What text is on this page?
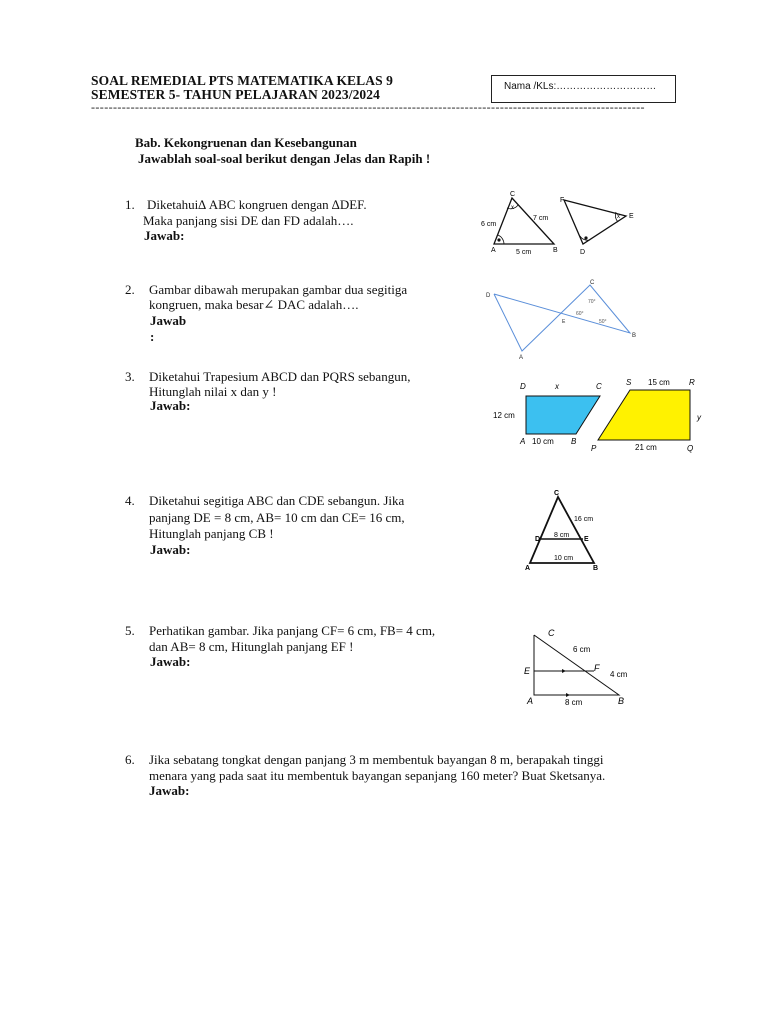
SOAL REMEDIAL PTS MATEMATIKA KELAS 9
SEMESTER 5- TAHUN PELAJARAN 2023/2024
Nama /KLs:…………………………
------------------------------------------------------------------------------------------------------------------------------
Bab. Kekongruenan dan Kesebangunan
Jawablah soal-soal berikut dengan Jelas dan Rapih !
1. Diketahui∆ ABC kongruen dengan ∆DEF.
Maka panjang sisi DE dan FD adalah….
Jawab:
2. Gambar dibawah merupakan gambar dua segitiga
kongruen, maka besar∠ DAC adalah….
Jawab :
3. Diketahui Trapesium ABCD dan PQRS sebangun,
Hitunglah nilai x dan y !
Jawab:
4. Diketahui segitiga ABC dan CDE sebangun. Jika
panjang DE = 8 cm, AB= 10 cm dan CE= 16 cm,
Hitunglah panjang CB !
Jawab:
5. Perhatikan gambar. Jika panjang CF= 6 cm, FB= 4 cm,
dan AB= 8 cm, Hitunglah panjang EF !
Jawab:
6. Jika sebatang tongkat dengan panjang 3 m membentuk bayangan 8 m, berapakah tinggi
menara yang pada saat itu membentuk bayangan sepanjang 160 meter? Buat Sketsanya.
Jawab:
C
A	B
6 cm
7 cm
5 cm
x
F
E
D
x
D
A
C
B
E
70°
60°
50°
D	x	C
12 cm
A 10 cm B
S 15 cm R
y
P	21 cm	Q
C
D	E
A	B
16 cm
8 cm
10 cm
C
E	F
A	B
6 cm
4 cm
8 cm
